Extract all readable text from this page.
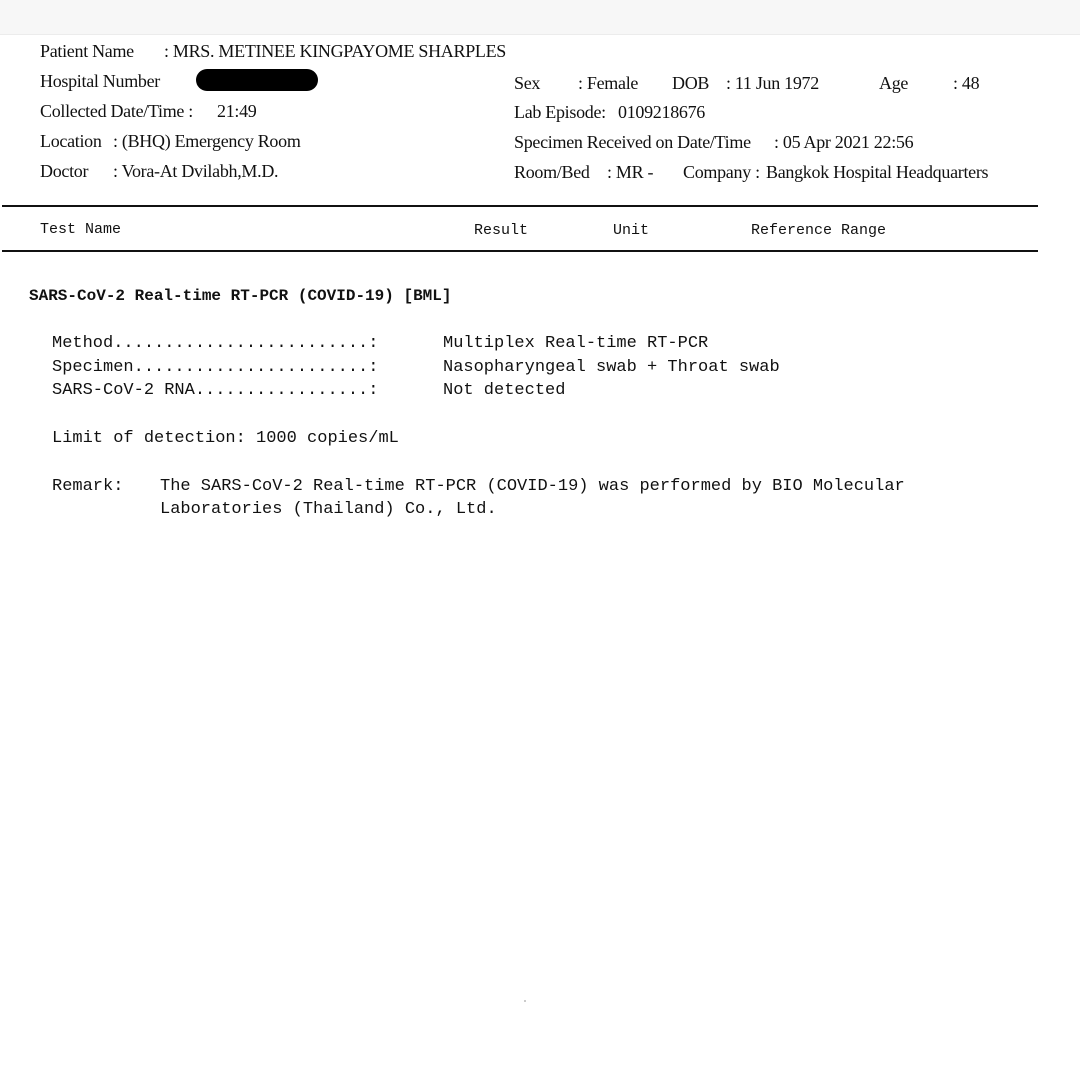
Patient Name : MRS. METINEE KINGPAYOME SHARPLES
Hospital Number
Collected Date/Time : 21:49
Location : (BHQ) Emergency Room
Doctor : Vora-At Dvilabh,M.D.
Sex : Female DOB : 11 Jun 1972	Age : 48
Lab Episode: 0109218676
Specimen Received on Date/Time : 05 Apr 2021 22:56
Room/Bed : MR - Company : Bangkok Hospital Headquarters
Test Name	Result	Unit	Reference Range
SARS-CoV-2 Real-time RT-PCR (COVID-19) [BML]
Method.........................:	Multiplex Real-time RT-PCR
Specimen.......................:	Nasopharyngeal swab + Throat swab
SARS-CoV-2 RNA.................:	Not detected
Limit of detection: 1000 copies/mL
Remark: The SARS-CoV-2 Real-time RT-PCR (COVID-19) was performed by BIO Molecular
Laboratories (Thailand) Co., Ltd.
